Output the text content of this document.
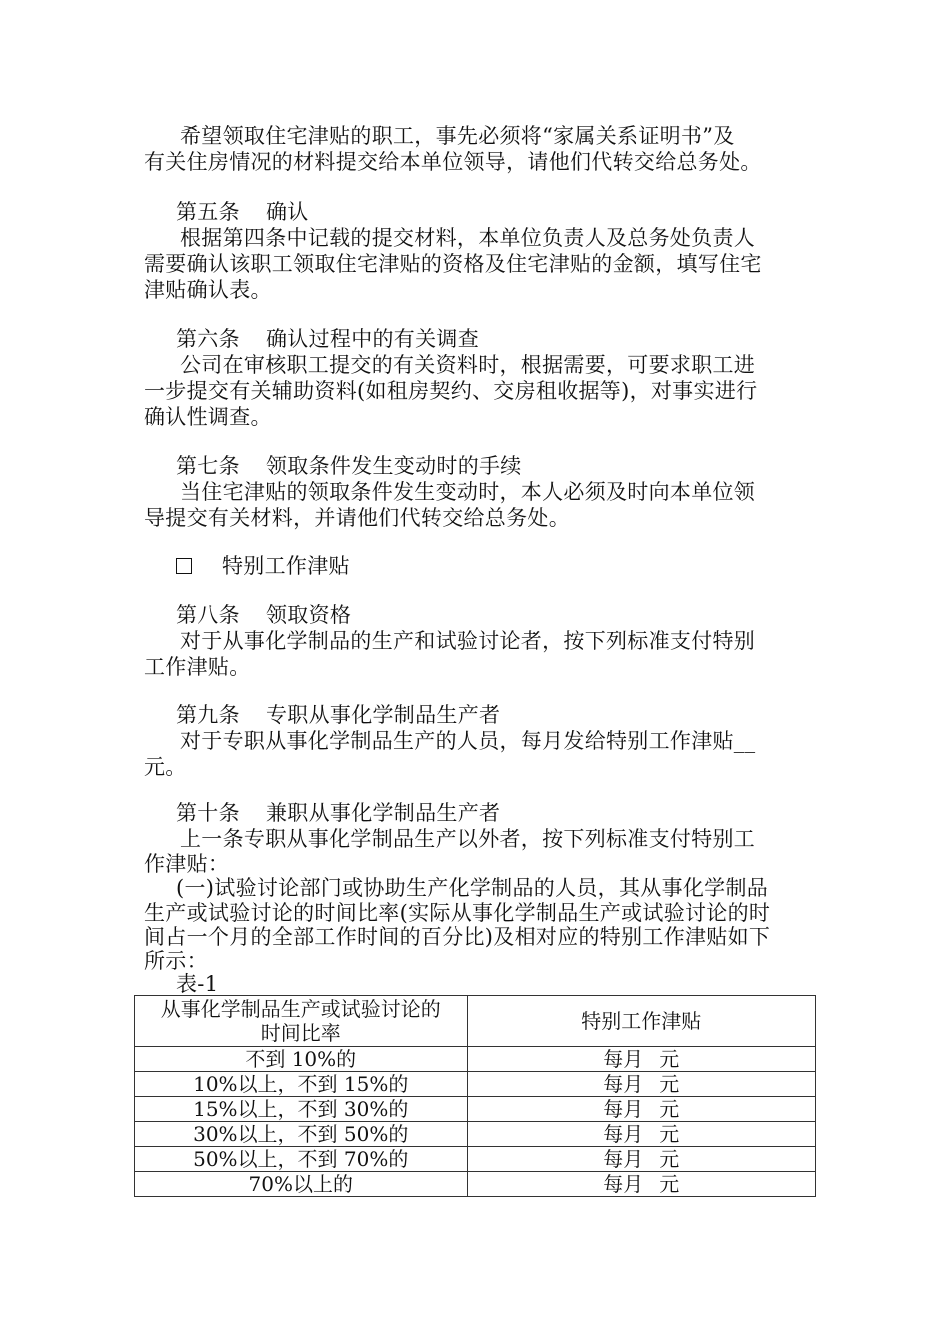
希望领取住宅津贴的职工，事先必须将“家属关系证明书”及
有关住房情况的材料提交给本单位领导，请他们代转交给总务处。
第五条 确认
根据第四条中记载的提交材料，本单位负责人及总务处负责人
需要确认该职工领取住宅津贴的资格及住宅津贴的金额，填写住宅
津贴确认表。
第六条 确认过程中的有关调查
公司在审核职工提交的有关资料时，根据需要，可要求职工进
一步提交有关辅助资料(如租房契约、交房租收据等)，对事实进行
确认性调查。
第七条 领取条件发生变动时的手续
当住宅津贴的领取条件发生变动时，本人必须及时向本单位领
导提交有关材料，并请他们代转交给总务处。
特别工作津贴
第八条 领取资格
对于从事化学制品的生产和试验讨论者，按下列标准支付特别
工作津贴。
第九条 专职从事化学制品生产者
对于专职从事化学制品生产的人员，每月发给特别工作津贴__
元。
第十条 兼职从事化学制品生产者
上一条专职从事化学制品生产以外者，按下列标准支付特别工
作津贴：
(一)试验讨论部门或协助生产化学制品的人员，其从事化学制品
生产或试验讨论的时间比率(实际从事化学制品生产或试验讨论的时
间占一个月的全部工作时间的百分比)及相对应的特别工作津贴如下
所示：
表-1
从事化学制品生产或试验讨论的
时间比率	特别工作津贴
不到 10%的	每月 元
10%以上，不到 15%的	每月 元
15%以上，不到 30%的	每月 元
30%以上，不到 50%的	每月 元
50%以上，不到 70%的	每月 元
70%以上的	每月 元
